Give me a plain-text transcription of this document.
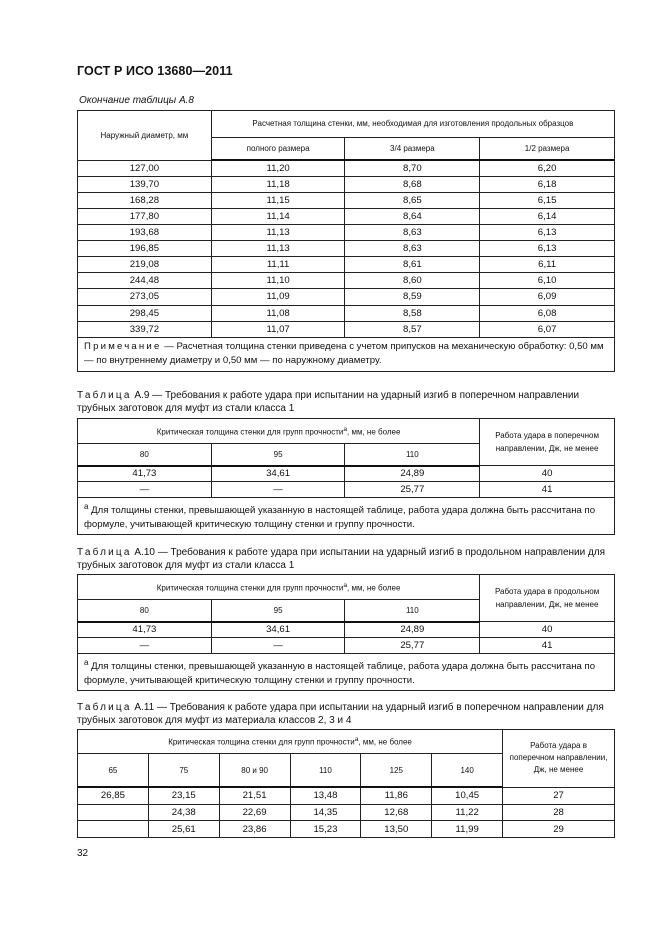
ГОСТ Р ИСО 13680—2011
Окончание таблицы А.8
Наружный диаметр, мм	Расчетная толщина стенки, мм, необходимая для изготовления продольных образцов		
	полного размера	3/4 размера	1/2 размера
127,00	11,20	8,70	6,20
139,70	11,18	8,68	6,18
168,28	11,15	8,65	6,15
177,80	11,14	8,64	6,14
193,68	11,13	8,63	6,13
196,85	11,13	8,63	6,13
219,08	11,11	8,61	6,11
244,48	11,10	8,60	6,10
273,05	11,09	8,59	6,09
298,45	11,08	8,58	6,08
339,72	11,07	8,57	6,07
Примечание — Расчетная толщина стенки приведена с учетом припусков на механическую обработку: 0,50 мм — по внутреннему диаметру и 0,50 мм — по наружному диаметру.			
Таблица А.9 — Требования к работе удара при испытании на ударный изгиб в поперечном направлении трубных заготовок для муфт из стали класса 1
Критическая толщина стенки для групп прочности$^a$, мм, не более			Работа удара в поперечном направлении, Дж, не менее
80	95	110	
41,73	34,61	24,89	40
—	—	25,77	41
$^a$ Для толщины стенки, превышающей указанную в настоящей таблице, работа удара должна быть рассчитана по формуле, учитывающей критическую толщину стенки и группу прочности.			
Таблица А.10 — Требования к работе удара при испытании на ударный изгиб в продольном направлении для трубных заготовок для муфт из стали класса 1
Критическая толщина стенки для групп прочности$^a$, мм, не более			Работа удара в продольном направлении, Дж, не менее
80	95	110	
41,73	34,61	24,89	40
—	—	25,77	41
$^a$ Для толщины стенки, превышающей указанную в настоящей таблице, работа удара должна быть рассчитана по формуле, учитывающей критическую толщину стенки и группу прочности.			
Таблица А.11 — Требования к работе удара при испытании на ударный изгиб в поперечном направлении для трубных заготовок для муфт из материала классов 2, 3 и 4
Критическая толщина стенки для групп прочности$^a$, мм, не более						Работа удара в поперечном направлении, Дж, не менее
65	75	80 и 90	110	125	140	
26,85	23,15	21,51	13,48	11,86	10,45	27
	24,38	22,69	14,35	12,68	11,22	28
	25,61	23,86	15,23	13,50	11,99	29
32
